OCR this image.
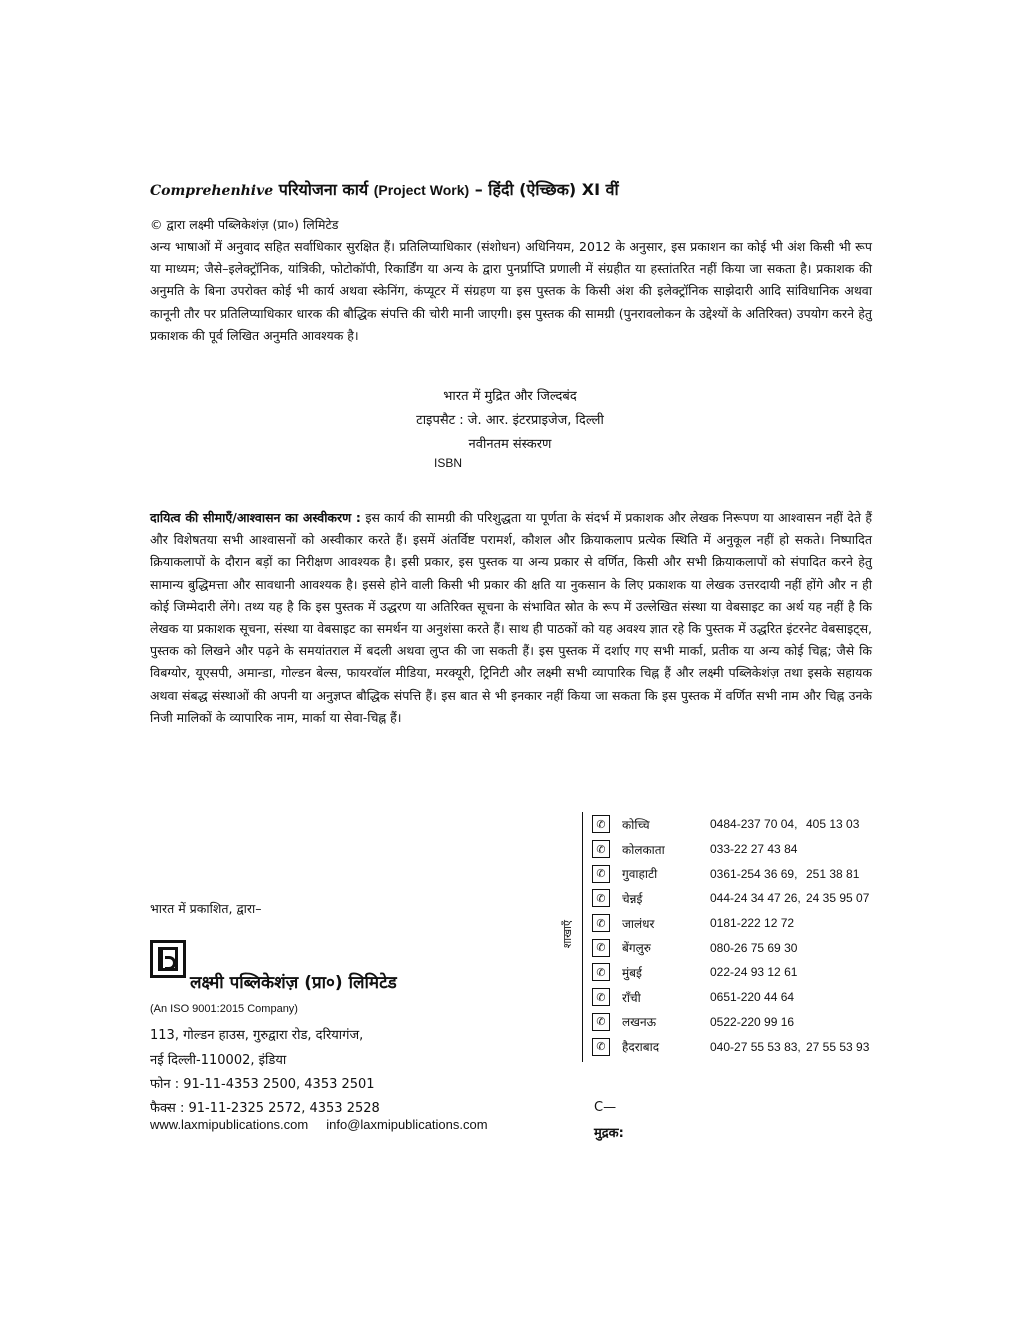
Comprehenhive परियोजना कार्य (Project Work) – हिंदी (ऐच्छिक) XI वीं
© द्वारा लक्ष्मी पब्लिकेशंज़ (प्रा०) लिमिटेड
अन्य भाषाओं में अनुवाद सहित सर्वाधिकार सुरक्षित हैं। प्रतिलिप्याधिकार (संशोधन) अधिनियम, 2012 के अनुसार, इस प्रकाशन का कोई भी अंश किसी भी रूप या माध्यम; जैसे–इलेक्ट्रॉनिक, यांत्रिकी, फोटोकॉपी, रिकार्डिंग या अन्य के द्वारा पुनर्प्राप्ति प्रणाली में संग्रहीत या हस्तांतरित नहीं किया जा सकता है। प्रकाशक की अनुमति के बिना उपरोक्त कोई भी कार्य अथवा स्केनिंग, कंप्यूटर में संग्रहण या इस पुस्तक के किसी अंश की इलेक्ट्रॉनिक साझेदारी आदि सांविधानिक अथवा कानूनी तौर पर प्रतिलिप्याधिकार धारक की बौद्धिक संपत्ति की चोरी मानी जाएगी। इस पुस्तक की सामग्री (पुनरावलोकन के उद्देश्यों के अतिरिक्त) उपयोग करने हेतु प्रकाशक की पूर्व लिखित अनुमति आवश्यक है।
भारत में मुद्रित और जिल्दबंद
टाइपसैट : जे. आर. इंटरप्राइजेज, दिल्ली
नवीनतम संस्करण
ISBN
दायित्व की सीमाएँ/आश्वासन का अस्वीकरण : इस कार्य की सामग्री की परिशुद्धता या पूर्णता के संदर्भ में प्रकाशक और लेखक निरूपण या आश्वासन नहीं देते हैं और विशेषतया सभी आश्वासनों को अस्वीकार करते हैं। इसमें अंतर्विष्ट परामर्श, कौशल और क्रियाकलाप प्रत्येक स्थिति में अनुकूल नहीं हो सकते। निष्पादित क्रियाकलापों के दौरान बड़ों का निरीक्षण आवश्यक है। इसी प्रकार, इस पुस्तक या अन्य प्रकार से वर्णित, किसी और सभी क्रियाकलापों को संपादित करने हेतु सामान्य बुद्धिमत्ता और सावधानी आवश्यक है। इससे होने वाली किसी भी प्रकार की क्षति या नुकसान के लिए प्रकाशक या लेखक उत्तरदायी नहीं होंगे और न ही कोई जिम्मेदारी लेंगे। तथ्य यह है कि इस पुस्तक में उद्धरण या अतिरिक्त सूचना के संभावित स्रोत के रूप में उल्लेखित संस्था या वेबसाइट का अर्थ यह नहीं है कि लेखक या प्रकाशक सूचना, संस्था या वेबसाइट का समर्थन या अनुशंसा करते हैं। साथ ही पाठकों को यह अवश्य ज्ञात रहे कि पुस्तक में उद्धरित इंटरनेट वेबसाइट्स, पुस्तक को लिखने और पढ़ने के समयांतराल में बदली अथवा लुप्त की जा सकती हैं। इस पुस्तक में दर्शाए गए सभी मार्का, प्रतीक या अन्य कोई चिह्न; जैसे कि विबग्योर, यूएसपी, अमान्डा, गोल्डन बेल्स, फायरवॉल मीडिया, मरक्यूरी, ट्रिनिटी और लक्ष्मी सभी व्यापारिक चिह्न हैं और लक्ष्मी पब्लिकेशंज़ तथा इसके सहायक अथवा संबद्ध संस्थाओं की अपनी या अनुज्ञप्त बौद्धिक संपत्ति हैं। इस बात से भी इनकार नहीं किया जा सकता कि इस पुस्तक में वर्णित सभी नाम और चिह्न उनके निजी मालिकों के व्यापारिक नाम, मार्का या सेवा-चिह्न हैं।
भारत में प्रकाशित, द्वारा–
लक्ष्मी पब्लिकेशंज़ (प्रा०) लिमिटेड
(An ISO 9001:2015 Company)
113, गोल्डन हाउस, गुरुद्वारा रोड, दरियागंज,
नई दिल्ली-110002, इंडिया
फोन : 91-11-4353 2500, 4353 2501
फैक्स : 91-11-2325 2572, 4353 2528
www.laxmipublications.com info@laxmipublications.com
शाखाएँ
✆	कोच्चि	0484-237 70 04, 405 13 03
✆	कोलकाता	033-22 27 43 84
✆	गुवाहाटी	0361-254 36 69, 251 38 81
✆	चेन्नई	044-24 34 47 26, 24 35 95 07
✆	जालंधर	0181-222 12 72
✆	बेंगलुरु	080-26 75 69 30
✆	मुंबई	022-24 93 12 61
✆	राँची	0651-220 44 64
✆	लखनऊ	0522-220 99 16
✆	हैदराबाद	040-27 55 53 83, 27 55 53 93
C—
मुद्रक:
